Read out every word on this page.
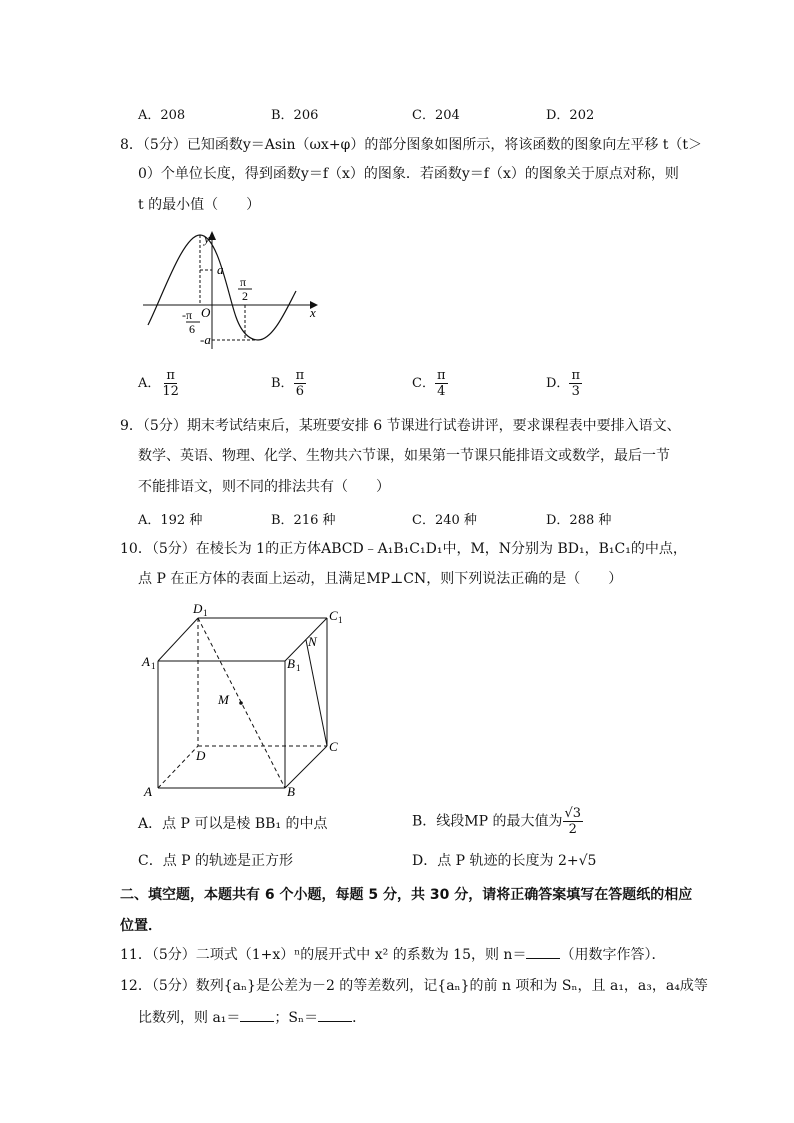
A．208	B．206	C．204	D．202
8．（5分）已知函数y＝Asin（ωx+φ）的部分图象如图所示，将该函数的图象向左平移 t（t＞
0）个单位长度，得到函数y＝f（x）的图象．若函数y＝f（x）的图象关于原点对称，则
t 的最小值（　　）
y
x
O
a
-a
π
2
-π
6
A． $\frac{\pi}{12}$	B． $\frac{\pi}{6}$	C． $\frac{\pi}{4}$	D． $\frac{\pi}{3}$
9．（5分）期末考试结束后，某班要安排 6 节课进行试卷讲评，要求课程表中要排入语文、
数学、英语、物理、化学、生物共六节课，如果第一节课只能排语文或数学，最后一节
不能排语文，则不同的排法共有（　　）
A．192 种	B．216 种	C．240 种	D．288 种
10．（5分）在棱长为 1的正方体ABCD﹣A₁B₁C₁D₁中，M，N分别为 BD₁，B₁C₁的中点，
点 P 在正方体的表面上运动，且满足MP⊥CN，则下列说法正确的是（　　）
D 1	C 1
A 1	B 1
N
M
D
C
A	B
A．点 P 可以是棱 BB₁ 的中点	B．线段MP 的最大值为 $\frac{√3}{2}$
C．点 P 的轨迹是正方形	D．点 P 轨迹的长度为 2+√5
二、填空题，本题共有 6 个小题，每题 5 分，共 30 分，请将正确答案填写在答题纸的相应
位置．
11．（5分）二项式（1+x）ⁿ的展开式中 x² 的系数为 15，则 n＝ （用数字作答）．
12．（5分）数列{aₙ}是公差为－2 的等差数列，记{aₙ}的前 n 项和为 Sₙ，且 a₁，a₃，a₄成等
比数列，则 a₁＝ ；Sₙ＝ ．
